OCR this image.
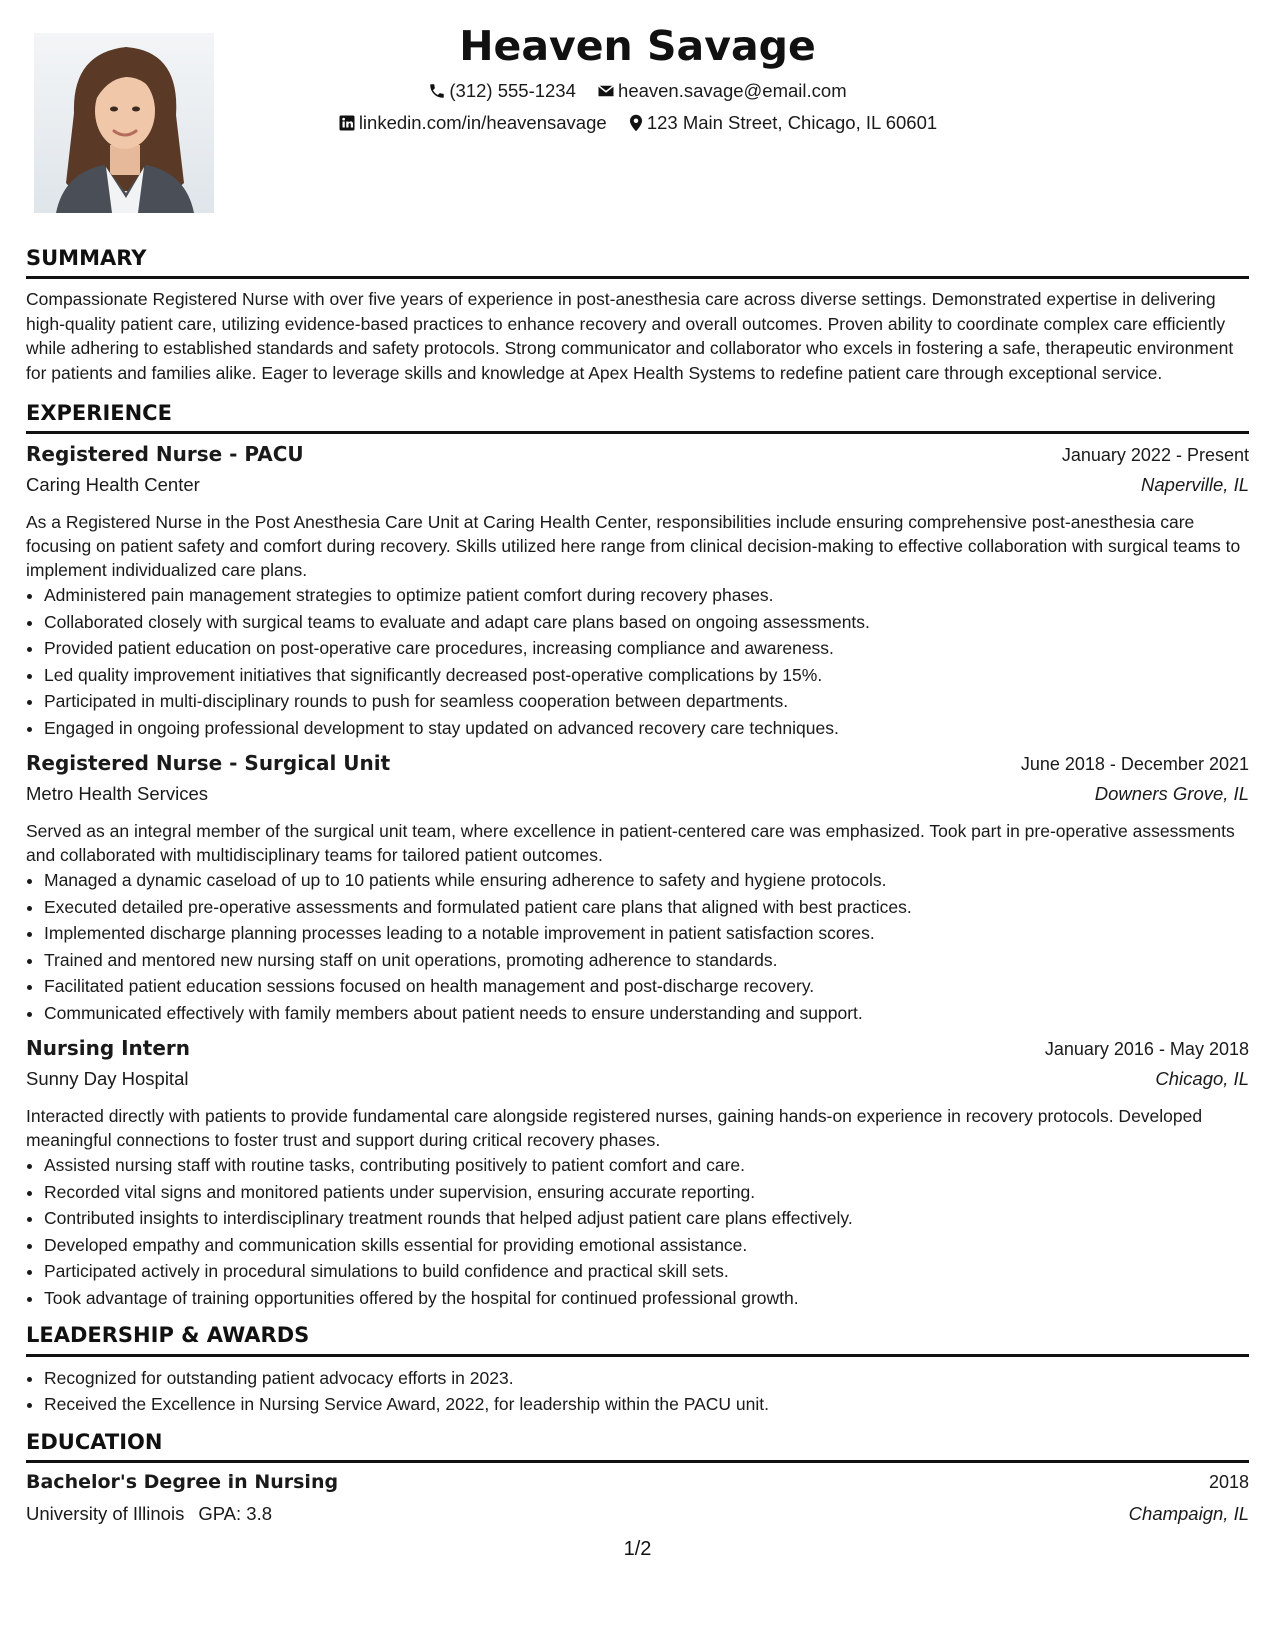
Heaven Savage
(312) 555-1234 heaven.savage@email.com
linkedin.com/in/heavensavage 123 Main Street, Chicago, IL 60601
SUMMARY

Compassionate Registered Nurse with over five years of experience in post-anesthesia care across diverse settings. Demonstrated expertise in delivering high-quality patient care, utilizing evidence-based practices to enhance recovery and overall outcomes. Proven ability to coordinate complex care efficiently while adhering to established standards and safety protocols. Strong communicator and collaborator who excels in fostering a safe, therapeutic environment for patients and families alike. Eager to leverage skills and knowledge at Apex Health Systems to redefine patient care through exceptional service.

EXPERIENCE
Registered Nurse - PACU	January 2022 - Present
Caring Health Center	Naperville, IL

As a Registered Nurse in the Post Anesthesia Care Unit at Caring Health Center, responsibilities include ensuring comprehensive post-anesthesia care focusing on patient safety and comfort during recovery. Skills utilized here range from clinical decision-making to effective collaboration with surgical teams to implement individualized care plans.

• Administered pain management strategies to optimize patient comfort during recovery phases.
• Collaborated closely with surgical teams to evaluate and adapt care plans based on ongoing assessments.
• Provided patient education on post-operative care procedures, increasing compliance and awareness.
• Led quality improvement initiatives that significantly decreased post-operative complications by 15%.
• Participated in multi-disciplinary rounds to push for seamless cooperation between departments.
• Engaged in ongoing professional development to stay updated on advanced recovery care techniques.
Registered Nurse - Surgical Unit	June 2018 - December 2021
Metro Health Services	Downers Grove, IL

Served as an integral member of the surgical unit team, where excellence in patient-centered care was emphasized. Took part in pre-operative assessments and collaborated with multidisciplinary teams for tailored patient outcomes.

• Managed a dynamic caseload of up to 10 patients while ensuring adherence to safety and hygiene protocols.
• Executed detailed pre-operative assessments and formulated patient care plans that aligned with best practices.
• Implemented discharge planning processes leading to a notable improvement in patient satisfaction scores.
• Trained and mentored new nursing staff on unit operations, promoting adherence to standards.
• Facilitated patient education sessions focused on health management and post-discharge recovery.
• Communicated effectively with family members about patient needs to ensure understanding and support.
Nursing Intern	January 2016 - May 2018
Sunny Day Hospital	Chicago, IL

Interacted directly with patients to provide fundamental care alongside registered nurses, gaining hands-on experience in recovery protocols. Developed meaningful connections to foster trust and support during critical recovery phases.

• Assisted nursing staff with routine tasks, contributing positively to patient comfort and care.
• Recorded vital signs and monitored patients under supervision, ensuring accurate reporting.
• Contributed insights to interdisciplinary treatment rounds that helped adjust patient care plans effectively.
• Developed empathy and communication skills essential for providing emotional assistance.
• Participated actively in procedural simulations to build confidence and practical skill sets.
• Took advantage of training opportunities offered by the hospital for continued professional growth.
LEADERSHIP & AWARDS
• Recognized for outstanding patient advocacy efforts in 2023.
• Received the Excellence in Nursing Service Award, 2022, for leadership within the PACU unit.
EDUCATION
Bachelor's Degree in Nursing	2018
University of Illinois GPA: 3.8	Champaign, IL
1/2
